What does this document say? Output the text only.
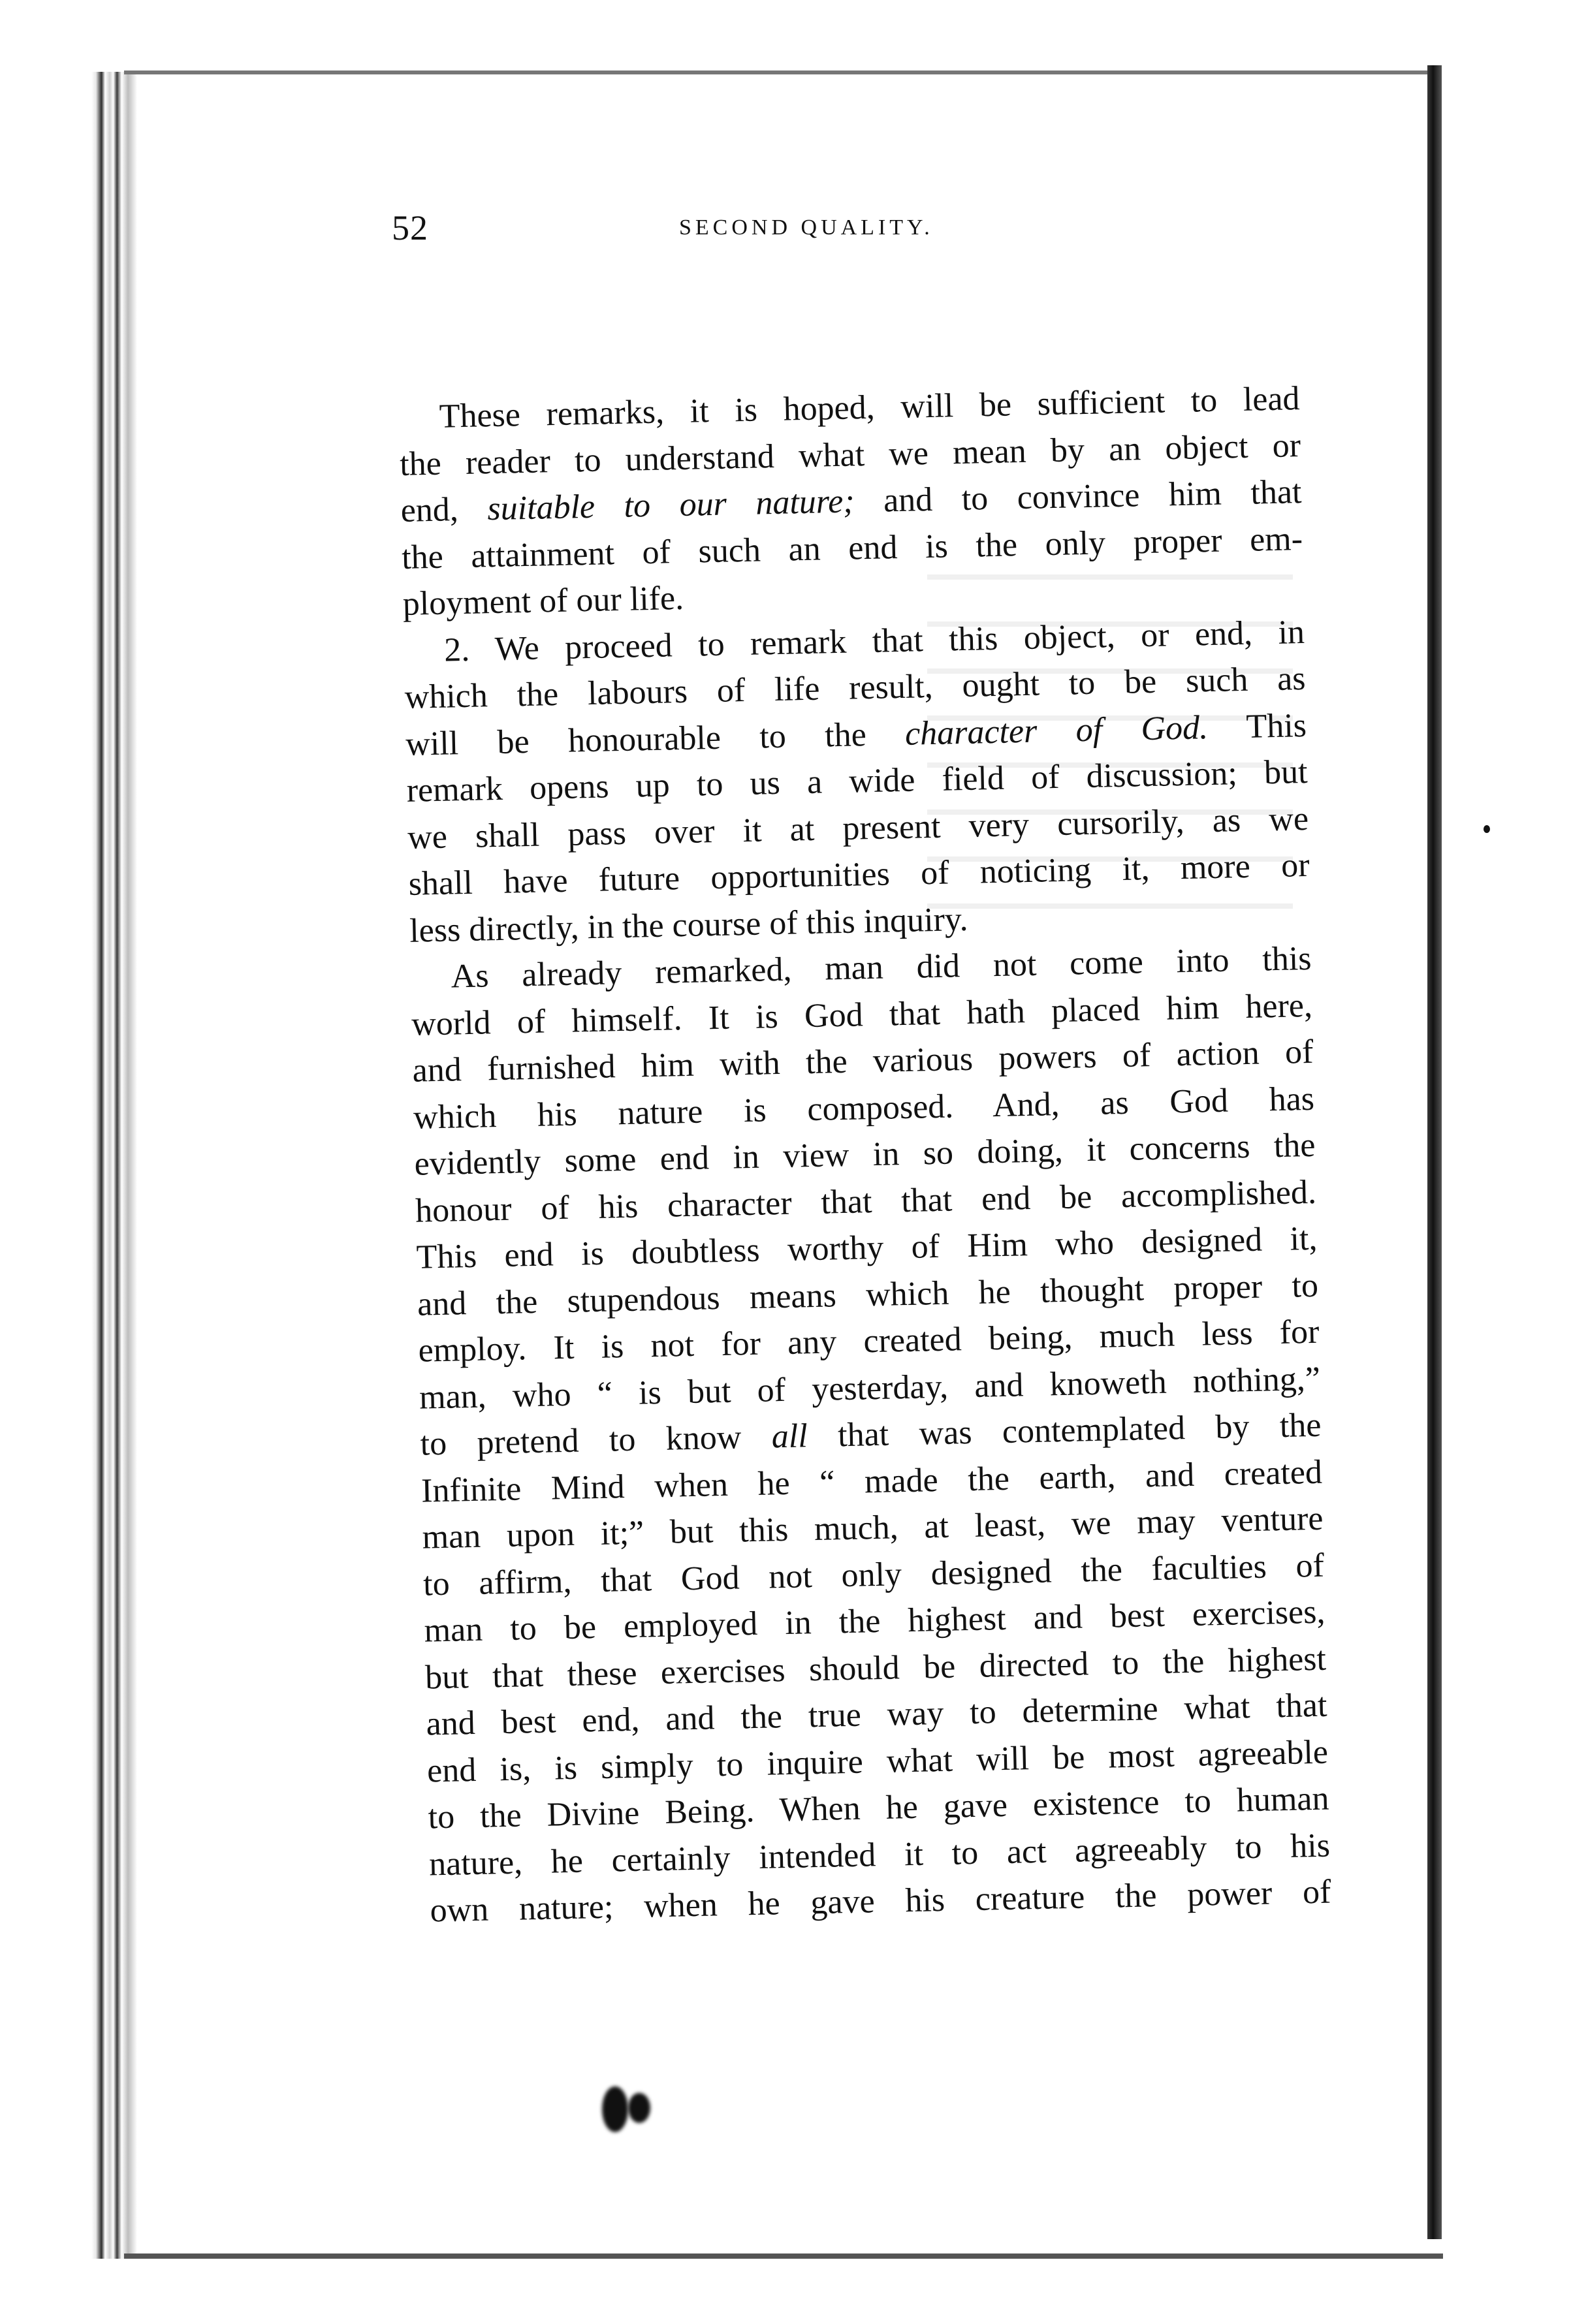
52	SECOND QUALITY.
These remarks, it is hoped, will be sufficient to lead
the reader to understand what we mean by an object or
end, suitable to our nature; and to convince him that
the attainment of such an end is the only proper em-
ployment of our life.
2. We proceed to remark that this object, or end, in
which the labours of life result, ought to be such as
will be honourable to the character of God. This
remark opens up to us a wide field of discussion; but
we shall pass over it at present very cursorily, as we
shall have future opportunities of noticing it, more or
less directly, in the course of this inquiry.
As already remarked, man did not come into this
world of himself. It is God that hath placed him here,
and furnished him with the various powers of action of
which his nature is composed. And, as God has
evidently some end in view in so doing, it concerns the
honour of his character that that end be accomplished.
This end is doubtless worthy of Him who designed it,
and the stupendous means which he thought proper to
employ. It is not for any created being, much less for
man, who “ is but of yesterday, and knoweth nothing,”
to pretend to know all that was contemplated by the
Infinite Mind when he “ made the earth, and created
man upon it;” but this much, at least, we may venture
to affirm, that God not only designed the faculties of
man to be employed in the highest and best exercises,
but that these exercises should be directed to the highest
and best end, and the true way to determine what that
end is, is simply to inquire what will be most agreeable
to the Divine Being. When he gave existence to human
nature, he certainly intended it to act agreeably to his
own nature; when he gave his creature the power of
